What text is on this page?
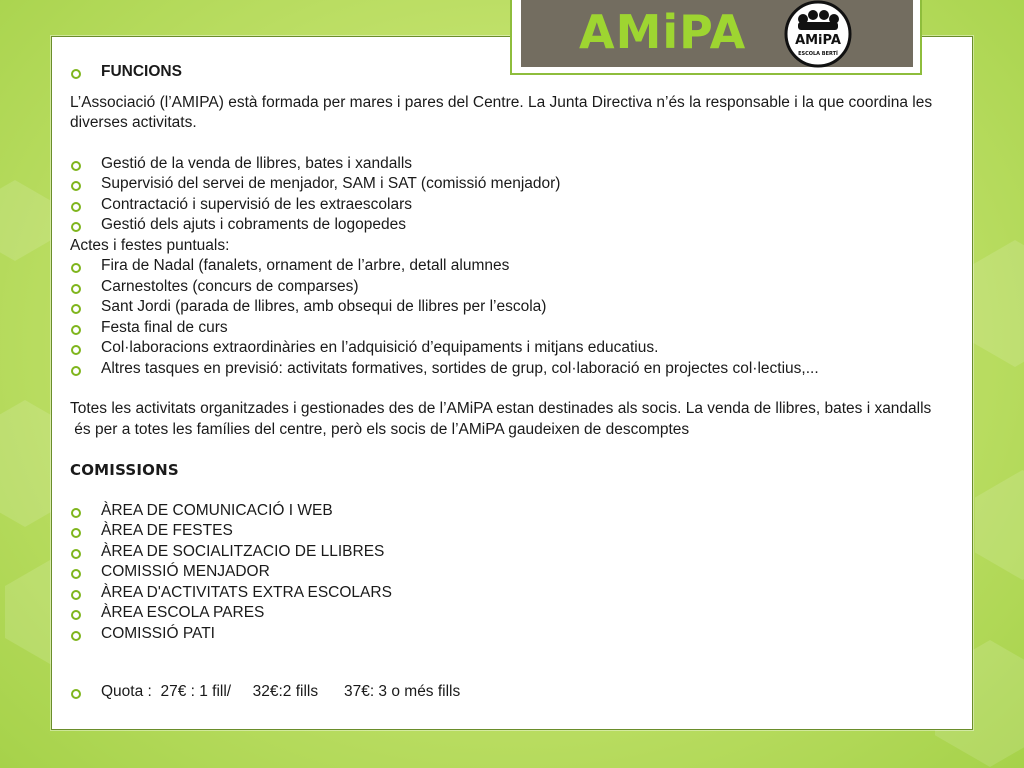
AMiPA	AMiPA
ESCOLA BERTÍ
FUNCIONS
L’Associació (l’AMIPA) està formada per mares i pares del Centre. La Junta Directiva n’és la responsable i la que coordina les diverses activitats.
Gestió de la venda de llibres, bates i xandalls
Supervisió del servei de menjador, SAM i SAT (comissió menjador)
Contractació i supervisió de les extraescolars
Gestió dels ajuts i cobraments de logopedes
Actes i festes puntuals:
Fira de Nadal (fanalets, ornament de l’arbre, detall alumnes
Carnestoltes (concurs de comparses)
Sant Jordi (parada de llibres, amb obsequi de llibres per l’escola)
Festa final de curs
Col·laboracions extraordinàries en l’adquisició d’equipaments i mitjans educatius.
Altres tasques en previsió: activitats formatives, sortides de grup, col·laboració en projectes col·lectius,...
Totes les activitats organitzades i gestionades des de l’AMiPA estan destinades als socis. La venda de llibres, bates i xandalls
és per a totes les famílies del centre, però els socis de l’AMiPA gaudeixen de descomptes
COMISSIONS
ÀREA DE COMUNICACIÓ I WEB
ÀREA DE FESTES
ÀREA DE SOCIALITZACIO DE LLIBRES
COMISSIÓ MENJADOR
ÀREA D'ACTIVITATS EXTRA ESCOLARS
ÀREA ESCOLA PARES
COMISSIÓ PATI
Quota :  27€ : 1 fill/     32€:2 fills      37€: 3 o més fills
